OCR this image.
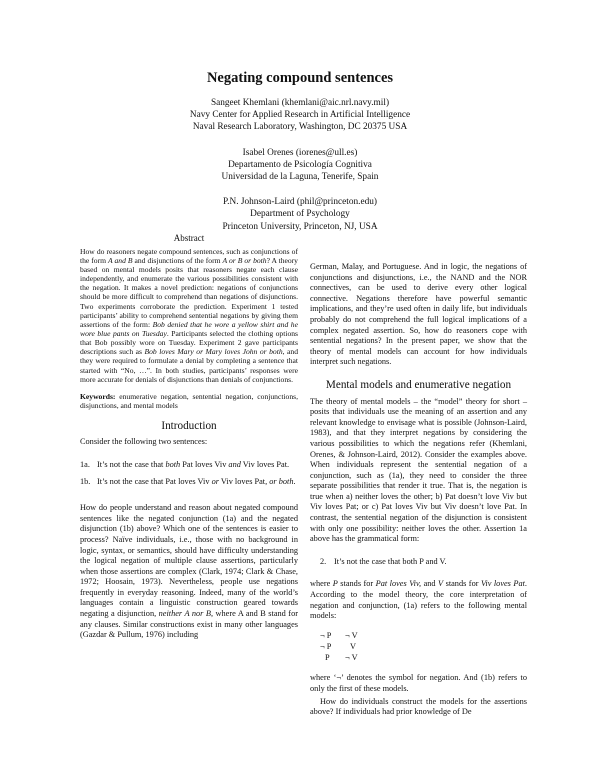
Negating compound sentences
Sangeet Khemlani (khemlani@aic.nrl.navy.mil)
Navy Center for Applied Research in Artificial Intelligence
Naval Research Laboratory, Washington, DC 20375 USA
Isabel Orenes (iorenes@ull.es)
Departamento de Psicología Cognitiva
Universidad de la Laguna, Tenerife, Spain
P.N. Johnson-Laird (phil@princeton.edu)
Department of Psychology
Princeton University, Princeton, NJ, USA
Abstract

How do reasoners negate compound sentences, such as conjunctions of the form A and B and disjunctions of the form A or B or both? A theory based on mental models posits that reasoners negate each clause independently, and enumerate the various possibilities consistent with the negation. It makes a novel prediction: negations of conjunctions should be more difficult to comprehend than negations of disjunctions. Two experiments corroborate the prediction. Experiment 1 tested participants’ ability to comprehend sentential negations by giving them assertions of the form: Bob denied that he wore a yellow shirt and he wore blue pants on Tuesday. Participants selected the clothing options that Bob possibly wore on Tuesday. Experiment 2 gave participants descriptions such as Bob loves Mary or Mary loves John or both, and they were required to formulate a denial by completing a sentence that started with “No, …”. In both studies, participants’ responses were more accurate for denials of disjunctions than denials of conjunctions.

Keywords: enumerative negation, sentential negation, conjunctions, disjunctions, and mental models

Introduction

Consider the following two sentences:

1a. It’s not the case that both Pat loves Viv and Viv loves Pat.
1b. It’s not the case that Pat loves Viv or Viv loves Pat, or both.

How do people understand and reason about negated compound sentences like the negated conjunction (1a) and the negated disjunction (1b) above? Which one of the sentences is easier to process? Naïve individuals, i.e., those with no background in logic, syntax, or semantics, should have difficulty understanding the logical negation of multiple clause assertions, particularly when those assertions are complex (Clark, 1974; Clark & Chase, 1972; Hoosain, 1973). Nevertheless, people use negations frequently in everyday reasoning. Indeed, many of the world’s languages contain a linguistic construction geared towards negating a disjunction, neither A nor B, where A and B stand for any clauses. Similar constructions exist in many other languages (Gazdar & Pullum, 1976) including

German, Malay, and Portuguese. And in logic, the negations of conjunctions and disjunctions, i.e., the NAND and the NOR connectives, can be used to derive every other logical connective. Negations therefore have powerful semantic implications, and they’re used often in daily life, but individuals probably do not comprehend the full logical implications of a complex negated assertion. So, how do reasoners cope with sentential negations? In the present paper, we show that the theory of mental models can account for how individuals interpret such negations.

Mental models and enumerative negation

The theory of mental models – the “model” theory for short – posits that individuals use the meaning of an assertion and any relevant knowledge to envisage what is possible (Johnson-Laird, 1983), and that they interpret negations by considering the various possibilities to which the negations refer (Khemlani, Orenes, & Johnson-Laird, 2012). Consider the examples above. When individuals represent the sentential negation of a conjunction, such as (1a), they need to consider the three separate possibilities that render it true. That is, the negation is true when a) neither loves the other; b) Pat doesn’t love Viv but Viv loves Pat; or c) Pat loves Viv but Viv doesn’t love Pat. In contrast, the sentential negation of the disjunction is consistent with only one possibility: neither loves the other. Assertion 1a above has the grammatical form:

2. It’s not the case that both P and V.

where P stands for Pat loves Viv, and V stands for Viv loves Pat. According to the model theory, the core interpretation of negation and conjunction, (1a) refers to the following mental models:

¬ P	¬ V
¬ P	V
P	¬ V

where ‘¬’ denotes the symbol for negation. And (1b) refers to only the first of these models.

How do individuals construct the models for the assertions above? If individuals had prior knowledge of De
